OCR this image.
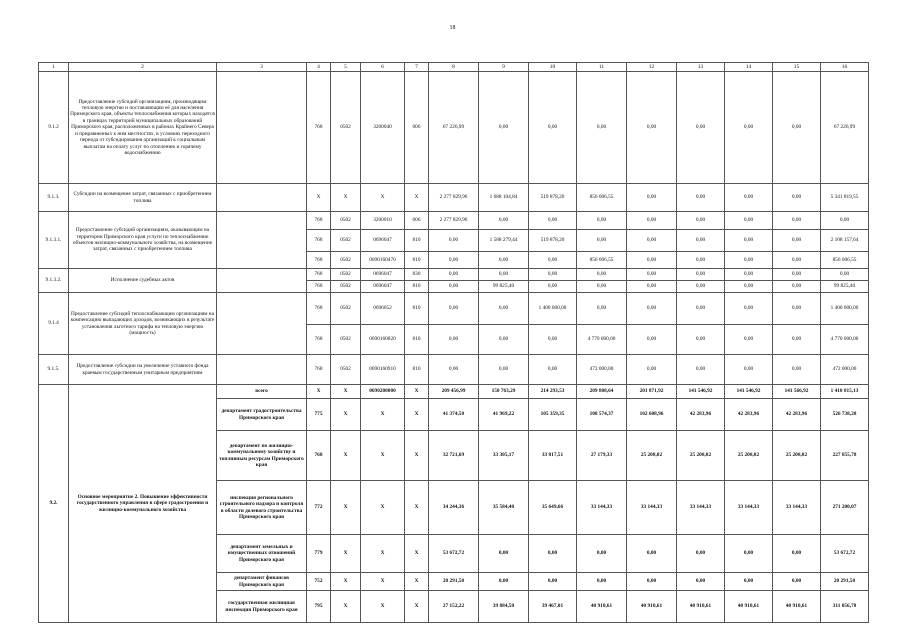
18
1	2	3	4	5	6	7	8	9	10	11	12	13	14	15	16
9.1.2	Предоставление субсидий организациям, производящим тепловую энергию и поставляющим её для населения Приморского края, объекты теплоснабжения которых находятся в границах территорий муниципальных образований Приморского края, расположенных в районах Крайнего Севера и приравненных к ним местностях, в условиях переходного периода от субсидирования организаций к социальным выплатам на оплату услуг по отоплению и горячему водоснабжению		768	0502	3200040	006	67 226,99	0,00	0,00	0,00	0,00	0,00	0,00	0,00	67 226,99
9.1.3.	Субсидии на возмещение затрат, связанных с приобретением топлива		X	X	X	X	2 277 829,96	1 688 104,84	519 878,20	856 006,55	0,00	0,00	0,00	0,00	5 341 819,55
9.1.3.1.	Предоставление субсидий организациям, оказывающим на территории Приморского края услуги по теплоснабжению объектов жилищно-коммунального хозяйства, на возмещение затрат, связанных с приобретением топлива		768	0502	3200010	006	2 277 829,96	0,00	0,00	0,00	0,00	0,00	0,00	0,00	0,00
			768	0502	0696047	810	0,00	1 588 279,44	519 878,20	0,00	0,00	0,00	0,00	0,00	2 108 157,64
			768	0502	0690160470	810	0,00	0,00	0,00	856 006,55	0,00	0,00	0,00	0,00	856 006,55
9.1.3.2.	Исполнение судебных актов		768	0502	0696047	830	0,00	0,00	0,00	0,00	0,00	0,00	0,00	0,00	0,00
			768	0502	0696047	810	0,00	99 825,40	0,00	0,00	0,00	0,00	0,00	0,00	99 825,40
9.1.4	Предоставление субсидий теплоснабжающим организациям на компенсацию выпадающих доходов, возникающих в результате установления льготного тарифа на тепловую энергию (мощность)		768	0502	0696052	810	0,00	0,00	1 400 000,00	0,00	0,00	0,00	0,00	0,00	1 400 000,00
			768	0502	0690160820	810	0,00	0,00	0,00	4 770 000,00	0,00	0,00	0,00	0,00	4 770 000,00
9.1.5.	Предоставление субсидии на увеличение уставного фонда краевым государственным унитарным предприятиям		768	0502	0690160910	810	0,00	0,00	0,00	472 000,00	0,00	0,00	0,00	0,00	472 000,00
9.2.	Основное мероприятие 2. Повышение эффективности государственного управления в сфере градостроения и жилищно-коммунального хозяйства	всего	X	X	0690200000	X	209 456,99	150 763,29	214 293,53	209 808,64	201 871,92	141 546,92	141 546,92	141 566,92	1 410 815,13
		департамент градостроительства Приморского края	775	X	X	X	41 374,50	41 969,22	105 359,35	108 574,37	102 608,96	42 283,96	42 283,96	42 283,96	526 738,28
		департамент по жилищно-коммунальному хозяйству и топливным ресурсам Приморского края	768	X	X	X	32 721,69	33 305,17	33 817,51	27 179,33	25 208,02	25 208,02	25 208,02	25 208,02	227 855,78
		инспекция регионального строительного надзора и контроля в области долевого строительства Приморского края	772	X	X	X	34 244,36	35 584,40	35 649,66	33 144,33	33 144,33	33 144,33	33 144,33	33 144,33	271 200,07
		департамент земельных и имущественных отношений Приморского края	779	X	X	X	53 672,72	0,00	0,00	0,00	0,00	0,00	0,00	0,00	53 672,72
		департамент финансов Приморского края	752	X	X	X	20 291,50	0,00	0,00	0,00	0,00	0,00	0,00	0,00	20 291,50
		государственная жилищная инспекция Приморского края	795	X	X	X	27 152,22	39 884,50	39 467,01	40 910,61	40 910,61	40 910,61	40 910,61	40 910,61	311 056,78
